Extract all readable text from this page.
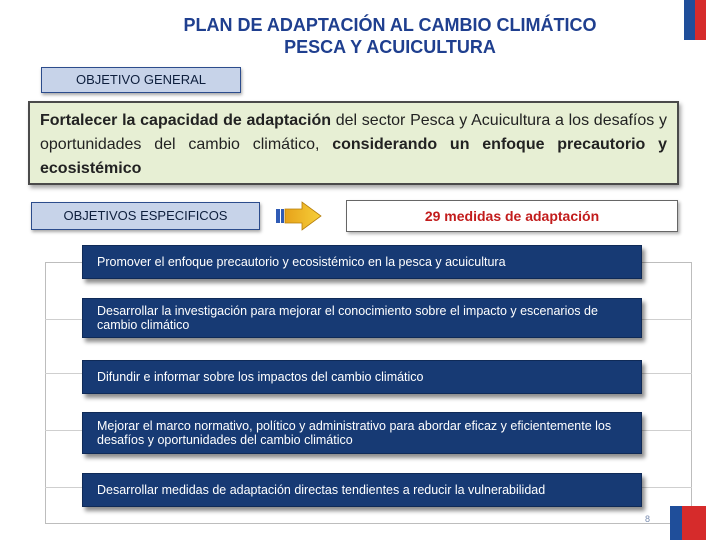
PLAN DE ADAPTACIÓN AL CAMBIO CLIMÁTICO
PESCA Y ACUICULTURA
OBJETIVO GENERAL
Fortalecer la capacidad de adaptación del sector Pesca y Acuicultura a los desafíos y oportunidades del cambio climático, considerando un enfoque precautorio y ecosistémico
OBJETIVOS ESPECIFICOS	29 medidas de adaptación
Promover el enfoque precautorio y ecosistémico en la pesca y acuicultura
Desarrollar la investigación para mejorar el conocimiento sobre el impacto y escenarios de cambio climático
Difundir e informar sobre los impactos del cambio climático
Mejorar el marco normativo, político y administrativo para abordar eficaz y eficientemente los desafíos y oportunidades del cambio climático
Desarrollar medidas de adaptación directas tendientes a reducir la vulnerabilidad
8
